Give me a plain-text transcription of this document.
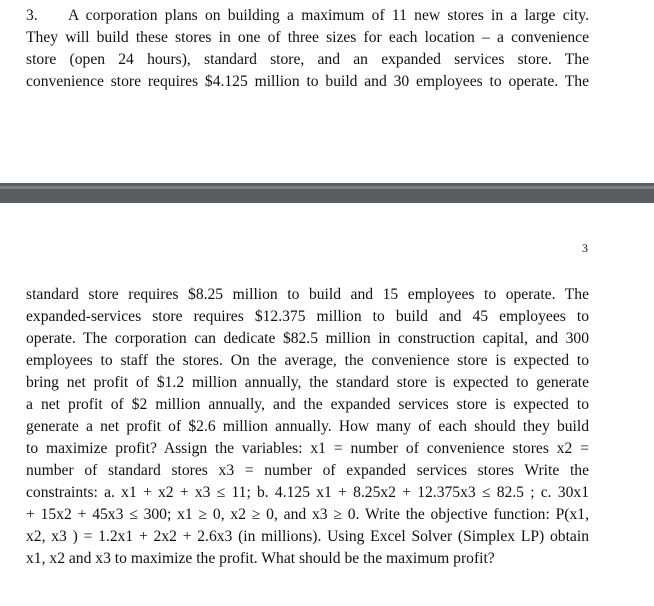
3. A corporation plans on building a maximum of 11 new stores in a large city.
They will build these stores in one of three sizes for each location – a convenience
store (open 24 hours), standard store, and an expanded services store. The
convenience store requires $4.125 million to build and 30 employees to operate. The
3
standard store requires $8.25 million to build and 15 employees to operate. The
expanded-services store requires $12.375 million to build and 45 employees to
operate. The corporation can dedicate $82.5 million in construction capital, and 300
employees to staff the stores. On the average, the convenience store is expected to
bring net profit of $1.2 million annually, the standard store is expected to generate
a net profit of $2 million annually, and the expanded services store is expected to
generate a net profit of $2.6 million annually. How many of each should they build
to maximize profit? Assign the variables: x1 = number of convenience stores x2 =
number of standard stores x3 = number of expanded services stores Write the
constraints: a. x1 + x2 + x3 ≤ 11; b. 4.125 x1 + 8.25x2 + 12.375x3 ≤ 82.5 ; c. 30x1
+ 15x2 + 45x3 ≤ 300; x1 ≥ 0, x2 ≥ 0, and x3 ≥ 0. Write the objective function: P(x1,
x2, x3 ) = 1.2x1 + 2x2 + 2.6x3 (in millions). Using Excel Solver (Simplex LP) obtain
x1, x2 and x3 to maximize the profit. What should be the maximum profit?
